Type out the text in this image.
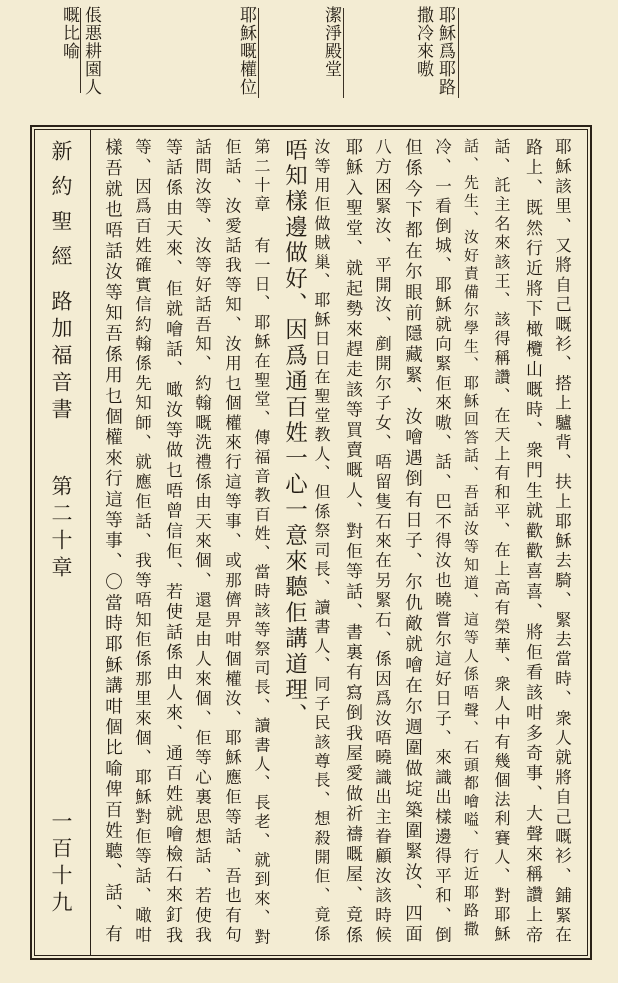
倀悪耕園人
嘅比喻	耶穌嘅權位	潔淨殿堂	耶穌爲耶路
撒冷來嗷
新約聖經
路加福音書
第二十章
一百十九	耶穌該里、又將自己嘅衫、搭上驢背、扶上耶穌去騎、緊去當時、衆人就將自己嘅衫、鋪緊在
路上、既然行近將下橄欖山嘅時、衆門生就歡歡喜喜、將佢看該咁多奇事、大聲來稱讚上帝
話、託主名來該王、該得稱讚、在天上有和平、在上高有榮華、衆人中有幾個法利賽人、對耶穌
話、先生、汝好責備尔學生、耶穌回答話、吾話汝等知道、這等人係唔聲、石頭都噲嗌、行近耶路撒
冷、一看倒城、耶穌就向緊佢來嗷、話、巴不得汝也曉嘗尔這好日子、來識出樣邊得平和、倒
但係今下都在尔眼前隱藏緊、汝噲遇倒有日子、尔仇敵就噲在尔週圍做埞築圍緊汝、四面
八方困緊汝、平開汝、剷開尔子女、唔留隻石來在另緊石、係因爲汝唔曉識出主眷顧汝該時候
耶穌入聖堂、就起勢來趕走該等買賣嘅人、對佢等話、書裏有寫倒我屋愛做祈禱嘅屋、竟係
汝等用佢做賊巢、耶穌日日在聖堂教人、但係祭司長、讀書人、同子民該尊長、想殺開佢、竟係
唔知樣邊做好、因爲通百姓一心一意來聽佢講道理、
第二十章 有一日、耶穌在聖堂、傳福音教百姓、當時該等祭司長、讀書人、長老、就到來、對
佢話、汝愛話我等知、汝用乜個權來行這等事、或那儕畀咁個權汝、耶穌應佢等話、吾也有句
話問汝等、汝等好話吾知、約翰嘅洗禮係由天來個、還是由人來個、佢等心裏思想話、若使我
等話係由天來、佢就噲話、噉汝等做乜唔曾信佢、若使話係由人來、通百姓就噲檢石來釘我
等、因爲百姓確實信約翰係先知師、就應佢話、我等唔知佢係那里來個、耶穌對佢等話、噉咁
樣吾就也唔話汝等知吾係用乜個權來行這等事、〇當時耶穌講咁個比喻俾百姓聽、話、有
